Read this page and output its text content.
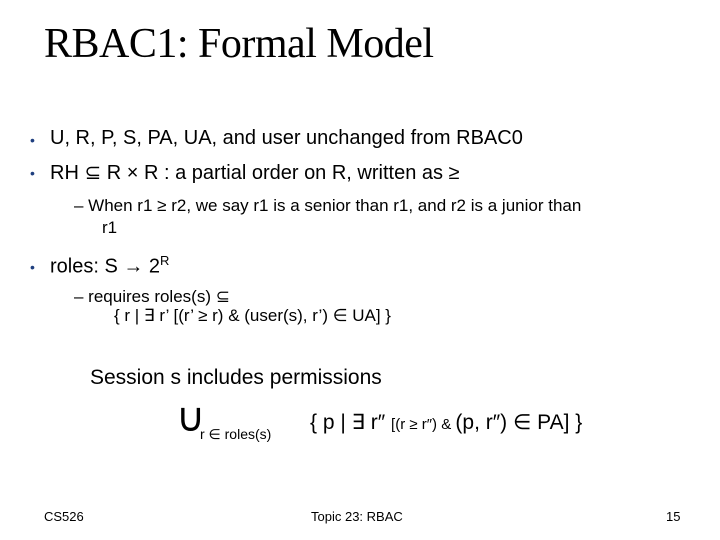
RBAC1: Formal Model
• U, R, P, S, PA, UA, and user unchanged from RBAC0
• RH ⊆ R × R : a partial order on R, written as ≥
– When r1 ≥ r2, we say r1 is a senior than r1, and r2 is a junior than
r1
• roles: $S \to 2^R$
– requires roles(s) ⊆
{ r | ∃ r’ [(r’ ≥ r) & (user(s), r’) ∈ UA] }
Session s includes permissions
∪
r ∈ roles(s) { p | ∃ r″ [(r ≥ r″) & (p, r″) ∈ PA] }
CS526	Topic 23: RBAC	15
